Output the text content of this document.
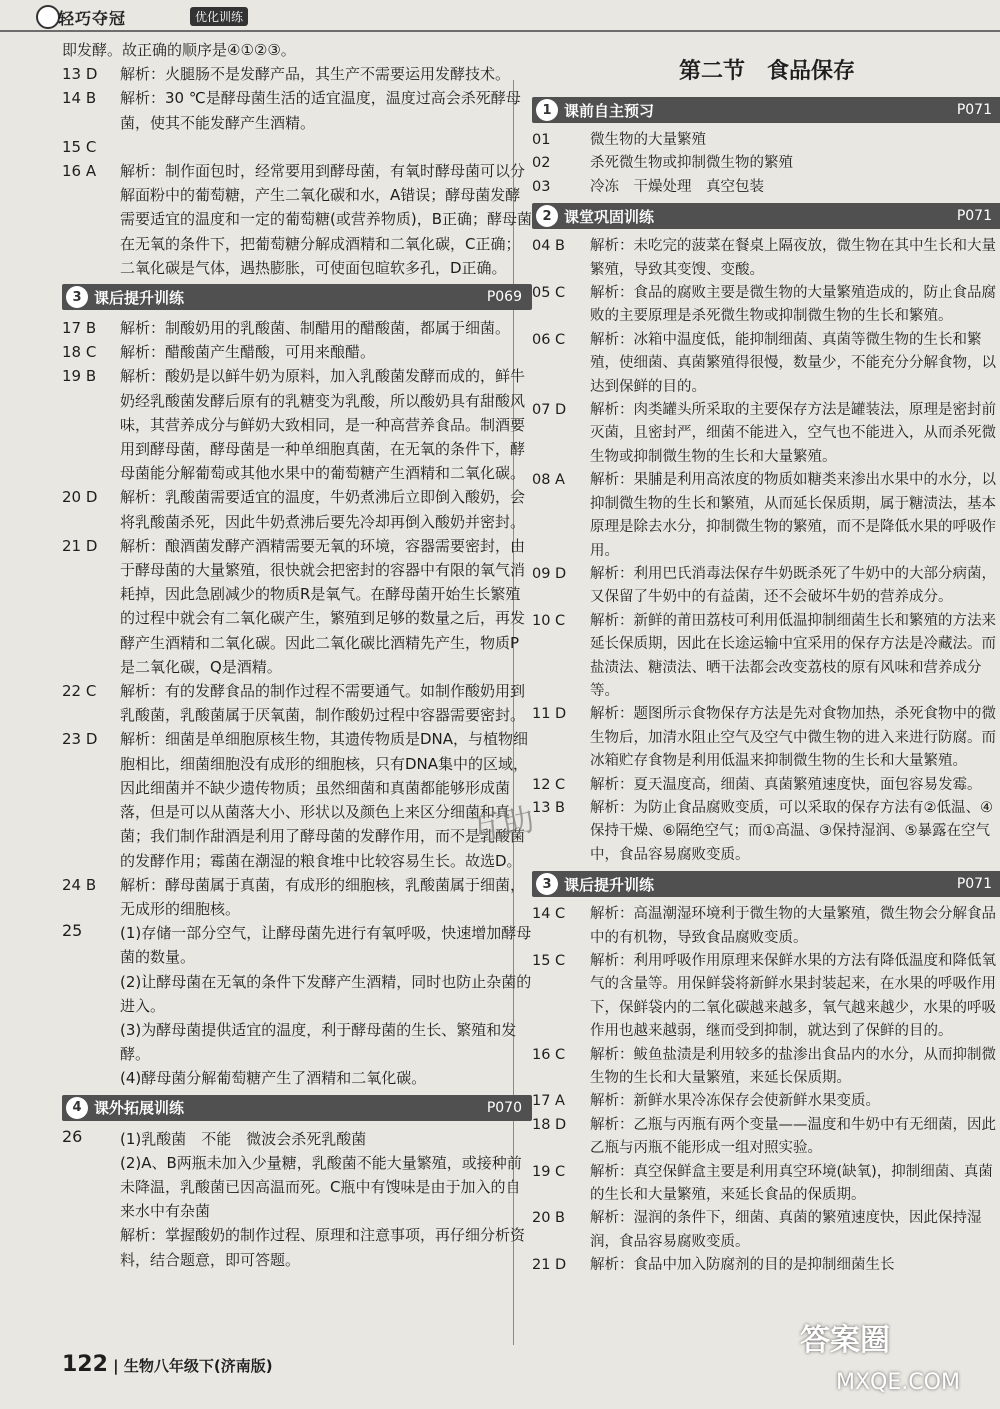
轻巧夺冠	优化训练

即发酵。故正确的顺序是④①②③。

13 D	解析：火腿肠不是发酵产品，其生产不需要运用发酵技术。
14 B	解析：30 ℃是酵母菌生活的适宜温度，温度过高会杀死酵母菌，使其不能发酵产生酒精。
15 C
16 A	解析：制作面包时，经常要用到酵母菌，有氧时酵母菌可以分解面粉中的葡萄糖，产生二氧化碳和水，A错误；酵母菌发酵需要适宜的温度和一定的葡萄糖(或营养物质)，B正确；酵母菌在无氧的条件下，把葡萄糖分解成酒精和二氧化碳，C正确；二氧化碳是气体，遇热膨胀，可使面包暄软多孔，D正确。
3 课后提升训练	P069
17 B	解析：制酸奶用的乳酸菌、制醋用的醋酸菌，都属于细菌。
18 C	解析：醋酸菌产生醋酸，可用来酿醋。
19 B	解析：酸奶是以鲜牛奶为原料，加入乳酸菌发酵而成的，鲜牛奶经乳酸菌发酵后原有的乳糖变为乳酸，所以酸奶具有甜酸风味，其营养成分与鲜奶大致相同，是一种高营养食品。制酒要用到酵母菌，酵母菌是一种单细胞真菌，在无氧的条件下，酵母菌能分解葡萄或其他水果中的葡萄糖产生酒精和二氧化碳。
20 D	解析：乳酸菌需要适宜的温度，牛奶煮沸后立即倒入酸奶，会将乳酸菌杀死，因此牛奶煮沸后要先冷却再倒入酸奶并密封。
21 D	解析：酿酒菌发酵产酒精需要无氧的环境，容器需要密封，由于酵母菌的大量繁殖，很快就会把密封的容器中有限的氧气消耗掉，因此急剧减少的物质R是氧气。在酵母菌开始生长繁殖的过程中就会有二氧化碳产生，繁殖到足够的数量之后，再发酵产生酒精和二氧化碳。因此二氧化碳比酒精先产生，物质P是二氧化碳，Q是酒精。
22 C	解析：有的发酵食品的制作过程不需要通气。如制作酸奶用到乳酸菌，乳酸菌属于厌氧菌，制作酸奶过程中容器需要密封。
23 D	解析：细菌是单细胞原核生物，其遗传物质是DNA，与植物细胞相比，细菌细胞没有成形的细胞核，只有DNA集中的区域，因此细菌并不缺少遗传物质；虽然细菌和真菌都能够形成菌落，但是可以从菌落大小、形状以及颜色上来区分细菌和真菌；我们制作甜酒是利用了酵母菌的发酵作用，而不是乳酸菌的发酵作用；霉菌在潮湿的粮食堆中比较容易生长。故选D。
24 B	解析：酵母菌属于真菌，有成形的细胞核，乳酸菌属于细菌，无成形的细胞核。
25	(1)存储一部分空气，让酵母菌先进行有氧呼吸，快速增加酵母菌的数量。

(2)让酵母菌在无氧的条件下发酵产生酒精，同时也防止杂菌的进入。

(3)为酵母菌提供适宜的温度，利于酵母菌的生长、繁殖和发酵。

(4)酵母菌分解葡萄糖产生了酒精和二氧化碳。

4 课外拓展训练	P070
26	(1)乳酸菌　不能　微波会杀死乳酸菌

(2)A、B两瓶未加入少量糖，乳酸菌不能大量繁殖，或接种前未降温，乳酸菌已因高温而死。C瓶中有馊味是由于加入的自来水中有杂菌

解析：掌握酸奶的制作过程、原理和注意事项，再仔细分析资料，结合题意，即可答题。

第二节　食品保存
1 课前自主预习	P071
01	微生物的大量繁殖
02	杀死微生物或抑制微生物的繁殖
03	冷冻　干燥处理　真空包装
2 课堂巩固训练	P071
04 B	解析：未吃完的菠菜在餐桌上隔夜放，微生物在其中生长和大量繁殖，导致其变馊、变酸。
05 C	解析：食品的腐败主要是微生物的大量繁殖造成的，防止食品腐败的主要原理是杀死微生物或抑制微生物的生长和繁殖。
06 C	解析：冰箱中温度低，能抑制细菌、真菌等微生物的生长和繁殖，使细菌、真菌繁殖得很慢，数量少，不能充分分解食物，以达到保鲜的目的。
07 D	解析：肉类罐头所采取的主要保存方法是罐装法，原理是密封前灭菌，且密封严，细菌不能进入，空气也不能进入，从而杀死微生物或抑制微生物的生长和大量繁殖。
08 A	解析：果脯是利用高浓度的物质如糖类来渗出水果中的水分，以抑制微生物的生长和繁殖，从而延长保质期，属于糖渍法，基本原理是除去水分，抑制微生物的繁殖，而不是降低水果的呼吸作用。
09 D	解析：利用巴氏消毒法保存牛奶既杀死了牛奶中的大部分病菌，又保留了牛奶中的有益菌，还不会破坏牛奶的营养成分。
10 C	解析：新鲜的莆田荔枝可利用低温抑制细菌生长和繁殖的方法来延长保质期，因此在长途运输中宜采用的保存方法是冷藏法。而盐渍法、糖渍法、晒干法都会改变荔枝的原有风味和营养成分等。
11 D	解析：题图所示食物保存方法是先对食物加热，杀死食物中的微生物后，加清水阻止空气及空气中微生物的进入来进行防腐。而冰箱贮存食物是利用低温来抑制微生物的生长和大量繁殖。
12 C	解析：夏天温度高，细菌、真菌繁殖速度快，面包容易发霉。
13 B	解析：为防止食品腐败变质，可以采取的保存方法有②低温、④保持干燥、⑥隔绝空气；而①高温、③保持湿润、⑤暴露在空气中，食品容易腐败变质。
3 课后提升训练	P071
14 C	解析：高温潮湿环境利于微生物的大量繁殖，微生物会分解食品中的有机物，导致食品腐败变质。
15 C	解析：利用呼吸作用原理来保鲜水果的方法有降低温度和降低氧气的含量等。用保鲜袋将新鲜水果封装起来，在水果的呼吸作用下，保鲜袋内的二氧化碳越来越多，氧气越来越少，水果的呼吸作用也越来越弱，继而受到抑制，就达到了保鲜的目的。
16 C	解析：鲅鱼盐渍是利用较多的盐渗出食品内的水分，从而抑制微生物的生长和大量繁殖，来延长保质期。
17 A	解析：新鲜水果冷冻保存会使新鲜水果变质。
18 D	解析：乙瓶与丙瓶有两个变量——温度和牛奶中有无细菌，因此乙瓶与丙瓶不能形成一组对照实验。
19 C	解析：真空保鲜盒主要是利用真空环境(缺氧)，抑制细菌、真菌的生长和大量繁殖，来延长食品的保质期。
20 B	解析：湿润的条件下，细菌、真菌的繁殖速度快，因此保持湿润，食品容易腐败变质。
21 D	解析：食品中加入防腐剂的目的是抑制细菌生长
互助
122 | 生物八年级下(济南版)
答案圈
MXQE.COM
